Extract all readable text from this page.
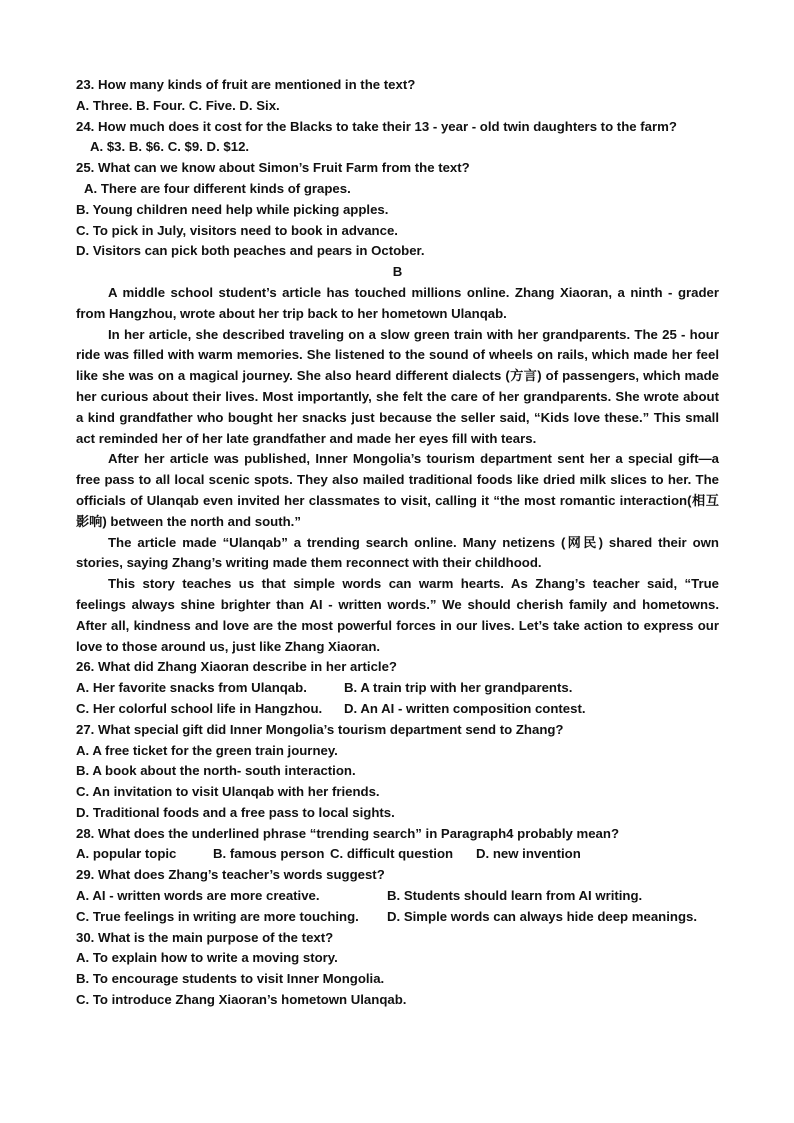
23. How many kinds of fruit are mentioned in the text?
A. Three. B. Four. C. Five. D. Six.
24. How much does it cost for the Blacks to take their 13 - year - old twin daughters to the farm?
A. $3. B. $6. C. $9. D. $12.
25. What can we know about Simon’s Fruit Farm from the text?
A. There are four different kinds of grapes.
B. Young children need help while picking apples.
C. To pick in July, visitors need to book in advance.
D. Visitors can pick both peaches and pears in October.
B
A middle school student’s article has touched millions online. Zhang Xiaoran, a ninth - grader from Hangzhou, wrote about her trip back to her hometown Ulanqab.
In her article, she described traveling on a slow green train with her grandparents. The 25 - hour ride was filled with warm memories. She listened to the sound of wheels on rails, which made her feel like she was on a magical journey. She also heard different dialects (方言) of passengers, which made her curious about their lives. Most importantly, she felt the care of her grandparents. She wrote about a kind grandfather who bought her snacks just because the seller said, “Kids love these.” This small act reminded her of her late grandfather and made her eyes fill with tears.
After her article was published, Inner Mongolia’s tourism department sent her a special gift—a free pass to all local scenic spots. They also mailed traditional foods like dried milk slices to her. The officials of Ulanqab even invited her classmates to visit, calling it “the most romantic interaction(相互影响) between the north and south.”
The article made “Ulanqab” a trending search online. Many netizens (网民) shared their own stories, saying Zhang’s writing made them reconnect with their childhood.
This story teaches us that simple words can warm hearts. As Zhang’s teacher said, “True feelings always shine brighter than AI - written words.” We should cherish family and hometowns. After all, kindness and love are the most powerful forces in our lives. Let’s take action to express our love to those around us, just like Zhang Xiaoran.
26. What did Zhang Xiaoran describe in her article?
A. Her favorite snacks from Ulanqab.	B. A train trip with her grandparents.
C. Her colorful school life in Hangzhou.	D. An AI - written composition contest.
27. What special gift did Inner Mongolia’s tourism department send to Zhang?
A. A free ticket for the green train journey.
B. A book about the north- south interaction.
C. An invitation to visit Ulanqab with her friends.
D. Traditional foods and a free pass to local sights.
28. What does the underlined phrase “trending search” in Paragraph4 probably mean?
A. popular topic	B. famous person C. difficult question	D. new invention
29. What does Zhang’s teacher’s words suggest?
A. AI - written words are more creative.	B. Students should learn from AI writing.
C. True feelings in writing are more touching.	D. Simple words can always hide deep meanings.
30. What is the main purpose of the text?
A. To explain how to write a moving story.
B. To encourage students to visit Inner Mongolia.
C. To introduce Zhang Xiaoran’s hometown Ulanqab.
